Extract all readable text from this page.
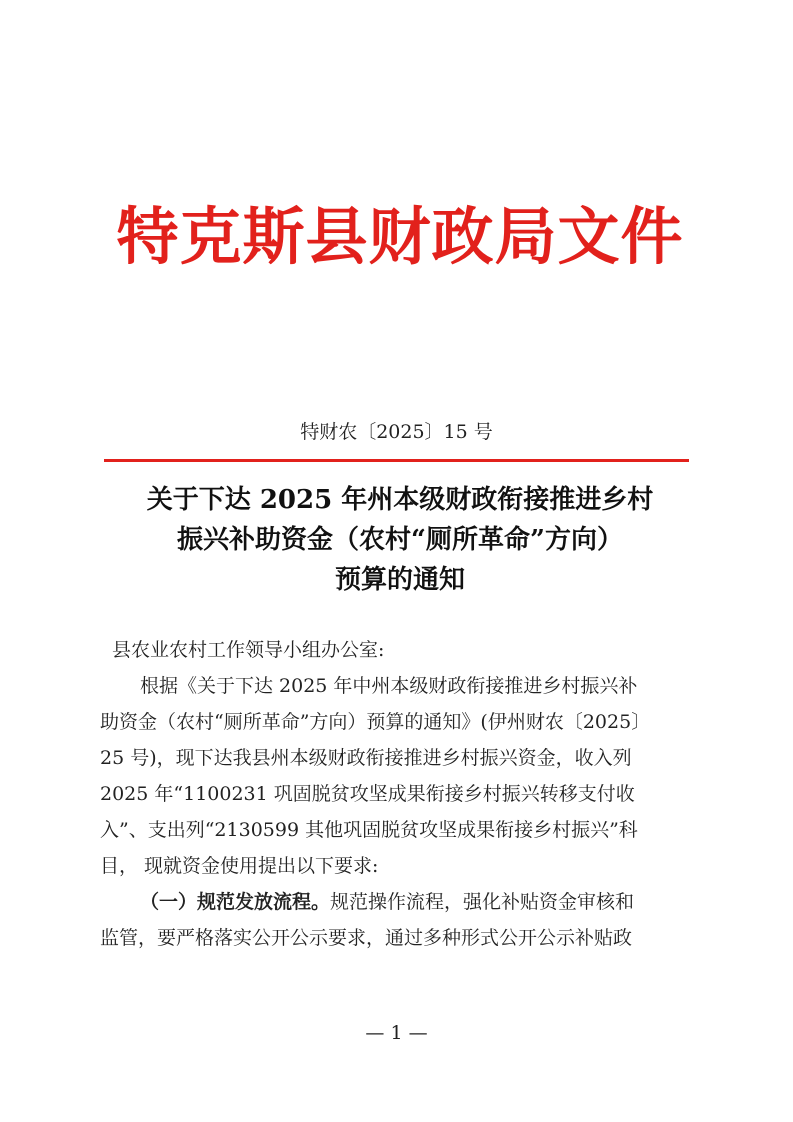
特克斯县财政局文件
特财农〔2025〕15 号
关于下达 2025 年州本级财政衔接推进乡村
振兴补助资金（农村“厕所革命”方向）
预算的通知
县农业农村工作领导小组办公室:
根据《关于下达 2025 年中州本级财政衔接推进乡村振兴补
助资金（农村“厕所革命”方向）预算的通知》(伊州财农〔2025〕
25 号)，现下达我县州本级财政衔接推进乡村振兴资金，收入列
2025 年“1100231 巩固脱贫攻坚成果衔接乡村振兴转移支付收
入”、支出列“2130599 其他巩固脱贫攻坚成果衔接乡村振兴”科
目， 现就资金使用提出以下要求:
（一）规范发放流程。规范操作流程，强化补贴资金审核和
监管，要严格落实公开公示要求，通过多种形式公开公示补贴政
— 1 —
